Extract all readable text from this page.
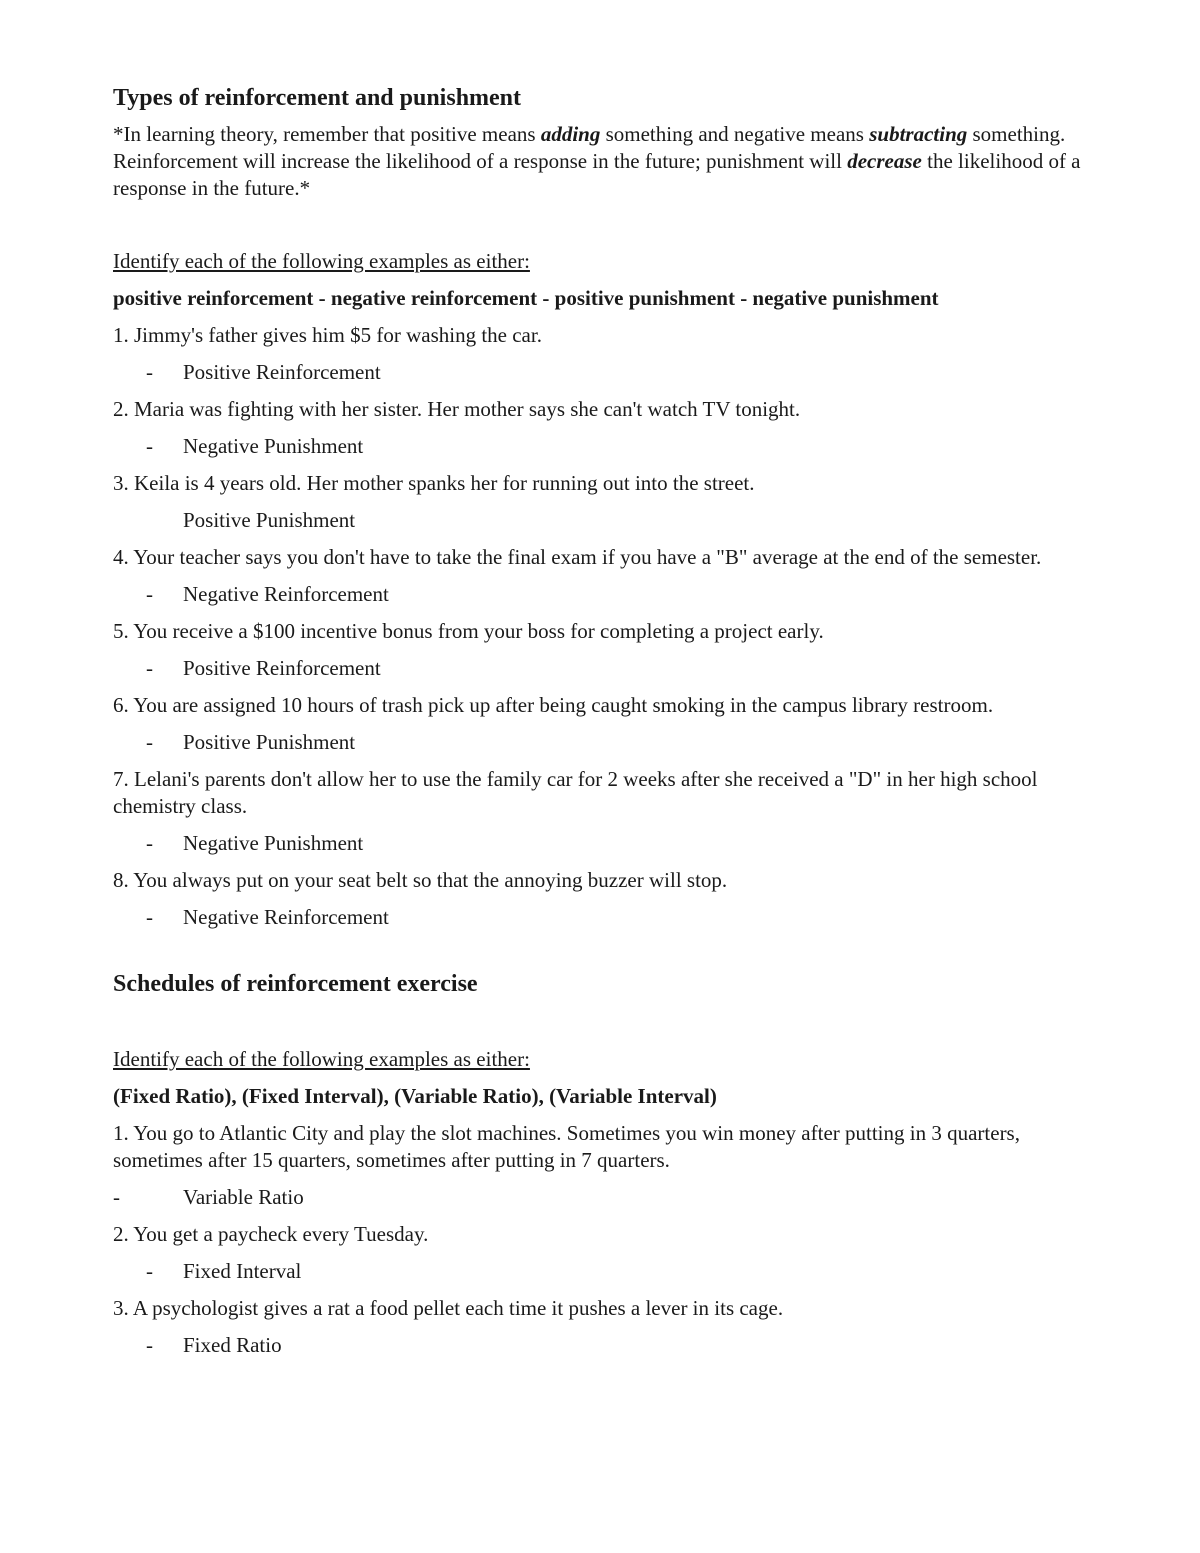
Types of reinforcement and punishment
*In learning theory, remember that positive means adding something and negative means subtracting something. Reinforcement will increase the likelihood of a response in the future; punishment will decrease the likelihood of a response in the future.*
Identify each of the following examples as either:
positive reinforcement - negative reinforcement - positive punishment - negative punishment
1. Jimmy's father gives him $5 for washing the car.
- Positive Reinforcement
2. Maria was fighting with her sister. Her mother says she can't watch TV tonight.
- Negative Punishment
3. Keila is 4 years old. Her mother spanks her for running out into the street.
Positive Punishment
4. Your teacher says you don't have to take the final exam if you have a "B" average at the end of the semester.
- Negative Reinforcement
5. You receive a $100 incentive bonus from your boss for completing a project early.
- Positive Reinforcement
6. You are assigned 10 hours of trash pick up after being caught smoking in the campus library restroom.
- Positive Punishment
7. Lelani's parents don't allow her to use the family car for 2 weeks after she received a "D" in her high school chemistry class.
- Negative Punishment
8. You always put on your seat belt so that the annoying buzzer will stop.
- Negative Reinforcement
Schedules of reinforcement exercise
Identify each of the following examples as either:
(Fixed Ratio), (Fixed Interval), (Variable Ratio), (Variable Interval)
1. You go to Atlantic City and play the slot machines. Sometimes you win money after putting in 3 quarters, sometimes after 15 quarters, sometimes after putting in 7 quarters.
-	Variable Ratio
2. You get a paycheck every Tuesday.
- Fixed Interval
3. A psychologist gives a rat a food pellet each time it pushes a lever in its cage.
- Fixed Ratio
